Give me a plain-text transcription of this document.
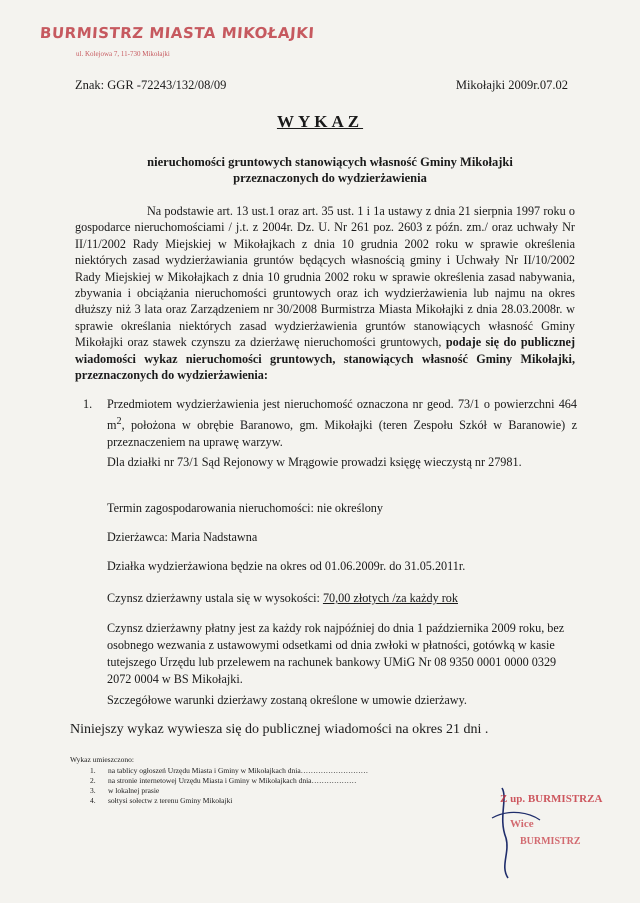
BURMISTRZ MIASTA MIKOŁAJKI
ul. Kolejowa 7, 11-730 Mikołajki
Znak: GGR -72243/132/08/09	Mikołajki 2009r.07.02
WYKAZ
nieruchomości gruntowych stanowiących własność Gminy Mikołajki przeznaczonych do wydzierżawienia

Na podstawie art. 13 ust.1 oraz art. 35 ust. 1 i 1a ustawy z dnia 21 sierpnia 1997 roku o gospodarce nieruchomościami / j.t. z 2004r. Dz. U. Nr 261 poz. 2603 z późn. zm./ oraz uchwały Nr II/11/2002 Rady Miejskiej w Mikołajkach z dnia 10 grudnia 2002 roku w sprawie określenia niektórych zasad wydzierżawiania gruntów będących własnością gminy i Uchwały Nr II/10/2002 Rady Miejskiej w Mikołajkach z dnia 10 grudnia 2002 roku w sprawie określenia zasad nabywania, zbywania i obciążania nieruchomości gruntowych oraz ich wydzierżawienia lub najmu na okres dłuższy niż 3 lata oraz Zarządzeniem nr 30/2008 Burmistrza Miasta Mikołajki z dnia 28.03.2008r. w sprawie określania niektórych zasad wydzierżawienia gruntów stanowiących własność Gminy Mikołajki oraz stawek czynszu za dzierżawę nieruchomości gruntowych, podaje się do publicznej wiadomości wykaz nieruchomości gruntowych, stanowiących własność Gminy Mikołajki, przeznaczonych do wydzierżawienia:

1. Przedmiotem wydzierżawienia jest nieruchomość oznaczona nr geod. 73/1 o powierzchni 464 $m^2$, położona w obrębie Baranowo, gm. Mikołajki (teren Zespołu Szkół w Baranowie) z przeznaczeniem na uprawę warzyw.

Dla działki nr 73/1 Sąd Rejonowy w Mrągowie prowadzi księgę wieczystą nr 27981.

Termin zagospodarowania nieruchomości: nie określony

Dzierżawca: Maria Nadstawna

Działka wydzierżawiona będzie na okres od 01.06.2009r. do 31.05.2011r.

Czynsz dzierżawny ustala się w wysokości: 70,00 złotych /za każdy rok

Czynsz dzierżawny płatny jest za każdy rok najpóźniej do dnia 1 października 2009 roku, bez osobnego wezwania z ustawowymi odsetkami od dnia zwłoki w płatności, gotówką w kasie tutejszego Urzędu lub przelewem na rachunek bankowy UMiG Nr 08 9350 0001 0000 0329 2072 0004 w BS Mikołajki.

Szczegółowe warunki dzierżawy zostaną określone w umowie dzierżawy.

Niniejszy wykaz wywiesza się do publicznej wiadomości na okres 21 dni .
Wykaz umieszczono:
1. na tablicy ogłoszeń Urzędu Miasta i Gminy w Mikołajkach dnia………………………
2. na stronie internetowej Urzędu Miasta i Gminy w Mikołajkach dnia………………
3. w lokalnej prasie
4. sołtysi sołectw z terenu Gminy Mikołajki	Z up. BURMISTRZA
Wice
BURMISTRZ
